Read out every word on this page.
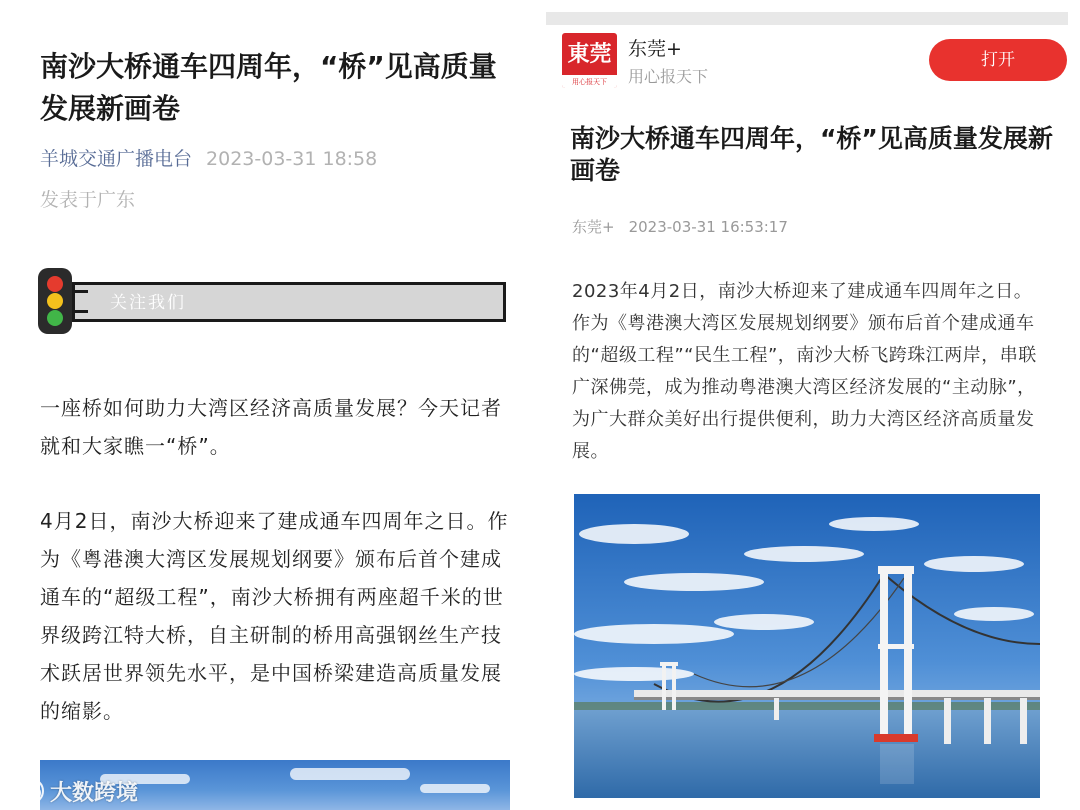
南沙大桥通车四周年，“桥”见高质量发展新画卷
羊城交通广播电台 2023-03-31 18:58
发表于广东
关注我们

一座桥如何助力大湾区经济高质量发展？今天记者就和大家瞧一“桥”。

4月2日，南沙大桥迎来了建成通车四周年之日。作为《粤港澳大湾区发展规划纲要》颁布后首个建成通车的“超级工程”，南沙大桥拥有两座超千米的世界级跨江特大桥，自主研制的桥用高强钢丝生产技术跃居世界领先水平，是中国桥梁建造高质量发展的缩影。

大数跨境
東莞
用心报天下
东莞+
用心报天下
打开
南沙大桥通车四周年，“桥”见高质量发展新画卷
东莞+ 2023-03-31 16:53:17

2023年4月2日，南沙大桥迎来了建成通车四周年之日。作为《粤港澳大湾区发展规划纲要》颁布后首个建成通车的“超级工程”“民生工程”，南沙大桥飞跨珠江两岸，串联广深佛莞，成为推动粤港澳大湾区经济发展的“主动脉”，为广大群众美好出行提供便利，助力大湾区经济高质量发展。
